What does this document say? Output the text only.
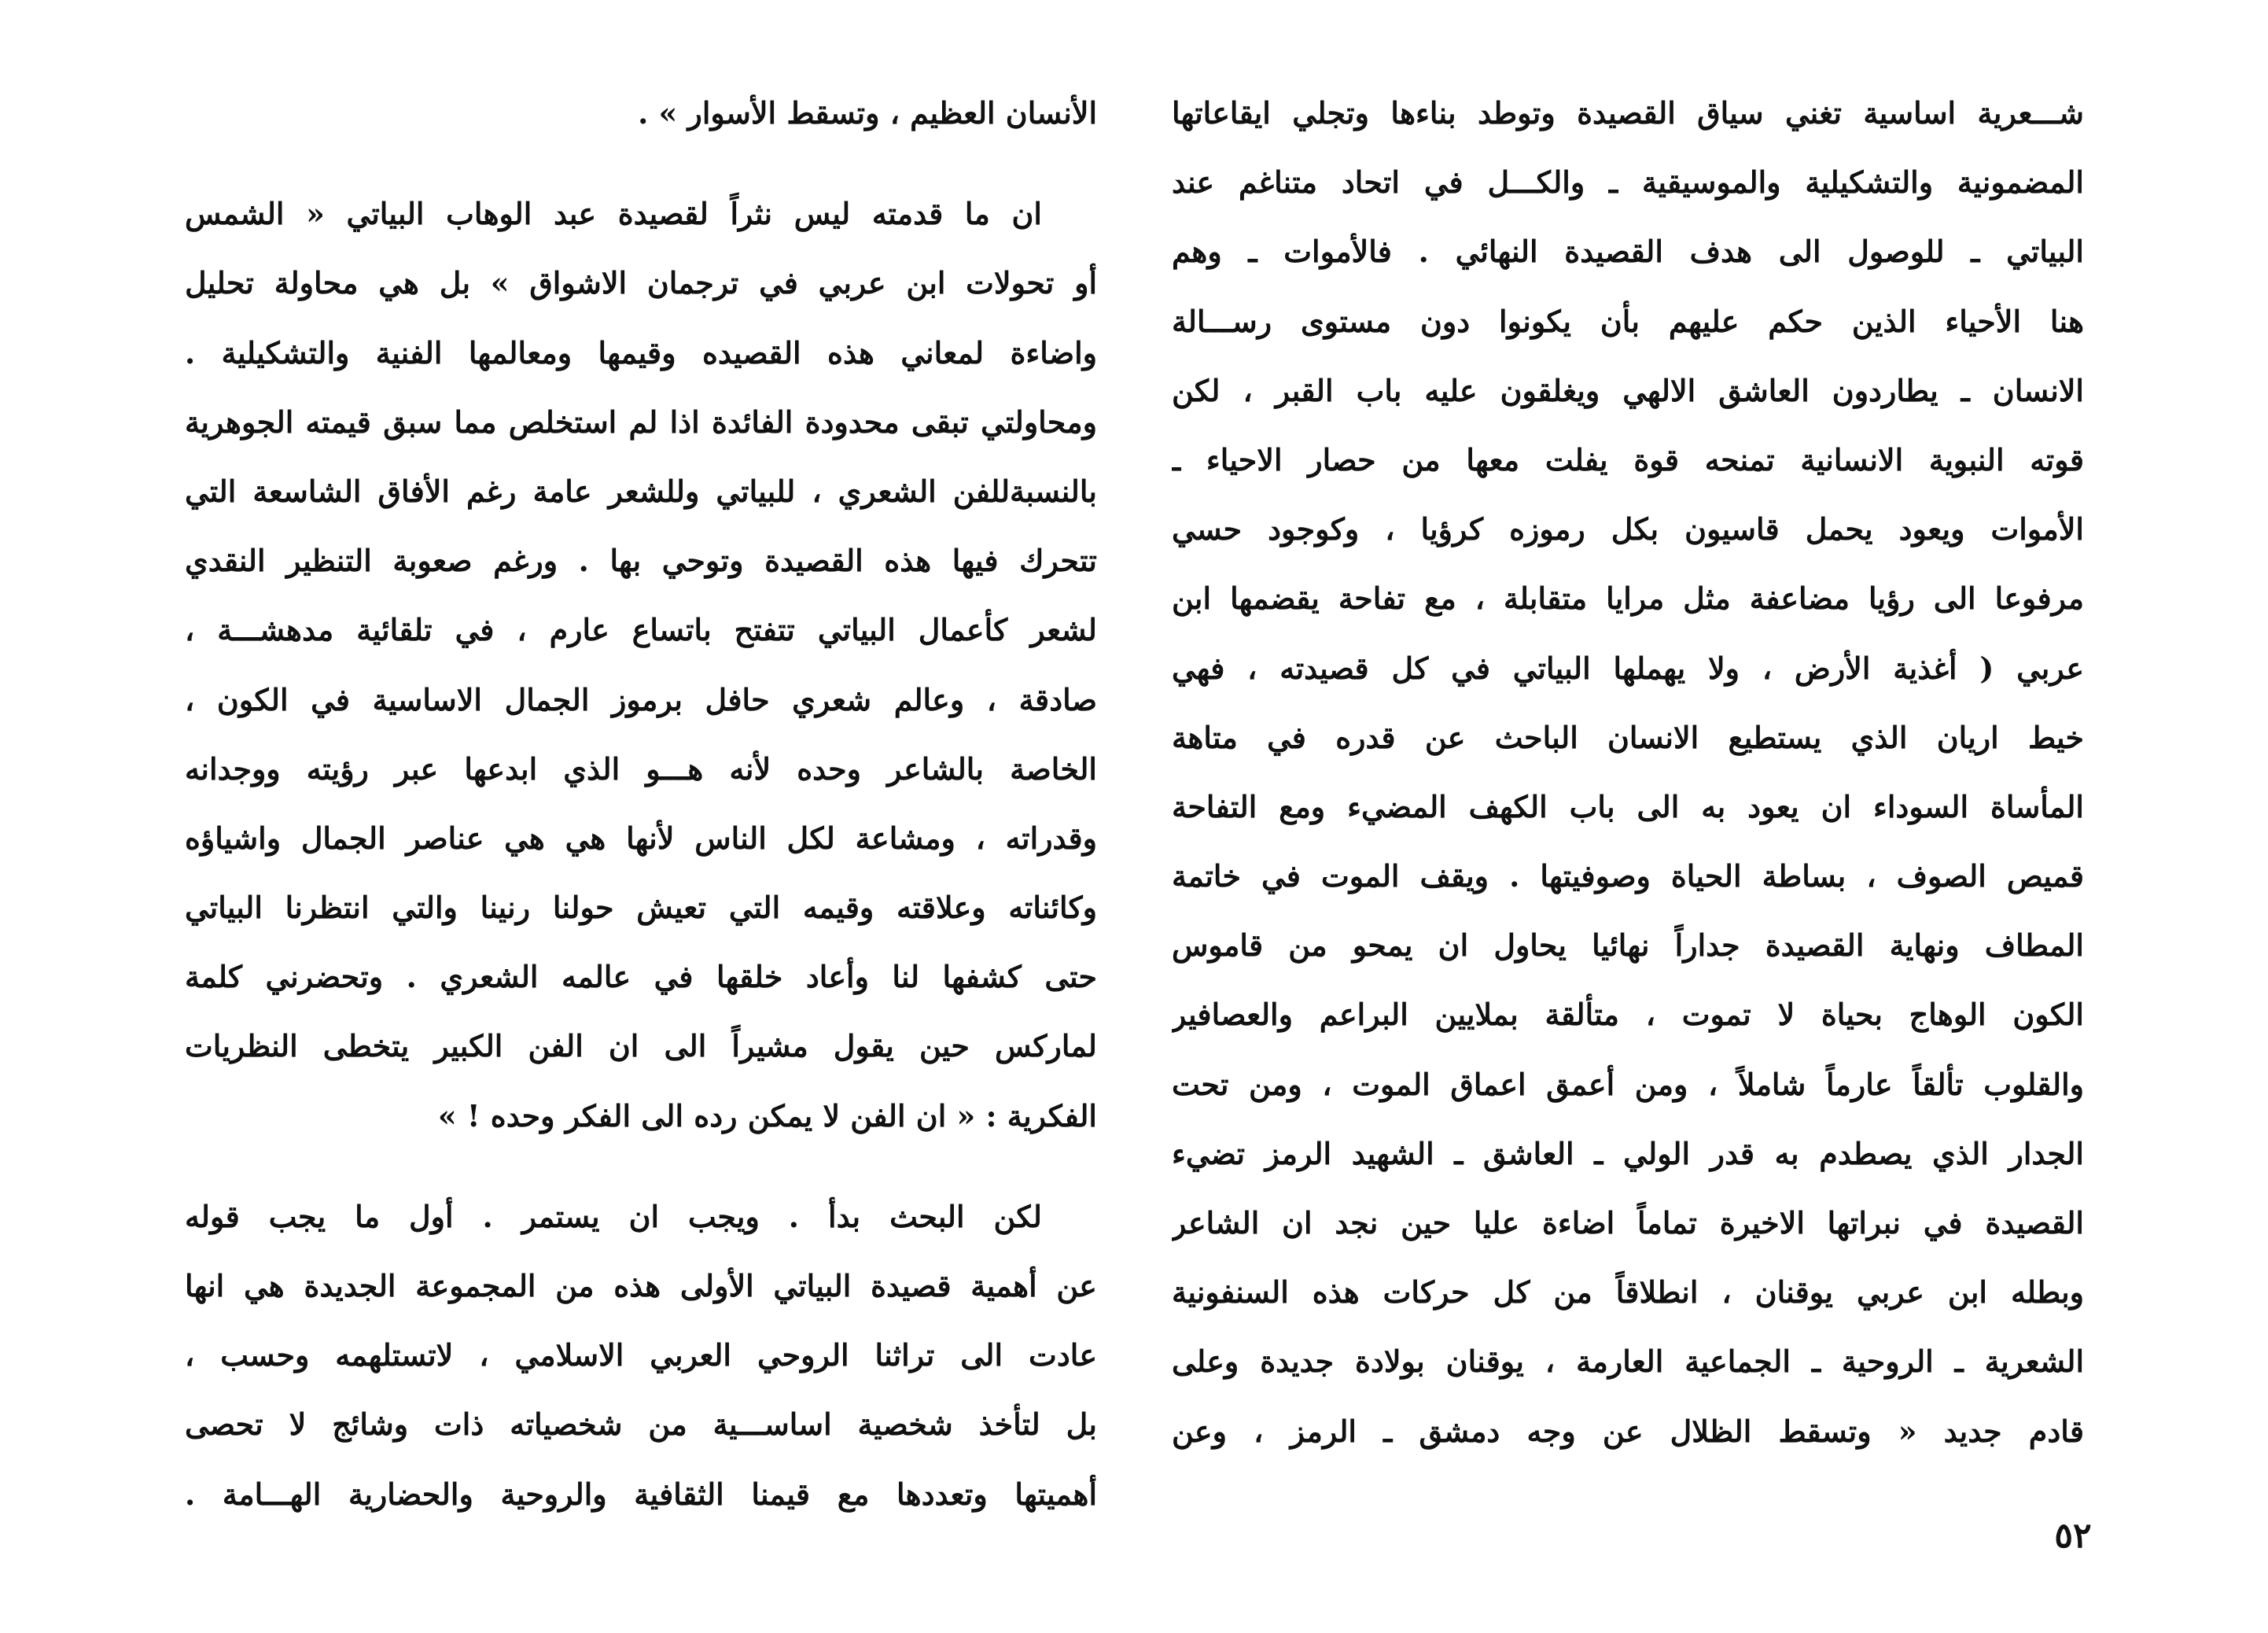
شـــعرية اساسية تغني سياق القصيدة وتوطد بناءها وتجلي ايقاعاتها
المضمونية والتشكيلية والموسيقية ـ والكـــل في اتحاد متناغم عند
البياتي ـ للوصول الى هدف القصيدة النهائي . فالأموات ـ وهم
هنا الأحياء الذين حكم عليهم بأن يكونوا دون مستوى رســـالة
الانسان ـ يطاردون العاشق الالهي ويغلقون عليه باب القبر ، لكن
قوته النبوية الانسانية تمنحه قوة يفلت معها من حصار الاحياء ـ
الأموات ويعود يحمل قاسيون بكل رموزه كرؤيا ، وكوجود حسي
مرفوعا الى رؤيا مضاعفة مثل مرايا متقابلة ، مع تفاحة يقضمها ابن
عربي ( أغذية الأرض ، ولا يهملها البياتي في كل قصيدته ، فهي
خيط اريان الذي يستطيع الانسان الباحث عن قدره في متاهة
المأساة السوداء ان يعود به الى باب الكهف المضيء ومع التفاحة
قميص الصوف ، بساطة الحياة وصوفيتها . ويقف الموت في خاتمة
المطاف ونهاية القصيدة جداراً نهائيا يحاول ان يمحو من قاموس
الكون الوهاج بحياة لا تموت ، متألقة بملايين البراعم والعصافير
والقلوب تألقاً عارماً شاملاً ، ومن أعمق اعماق الموت ، ومن تحت
الجدار الذي يصطدم به قدر الولي ـ العاشق ـ الشهيد الرمز تضيء
القصيدة في نبراتها الاخيرة تماماً اضاءة عليا حين نجد ان الشاعر
وبطله ابن عربي يوقنان ، انطلاقاً من كل حركات هذه السنفونية
الشعرية ـ الروحية ـ الجماعية العارمة ، يوقنان بولادة جديدة وعلى
قادم جديد « وتسقط الظلال عن وجه دمشق ـ الرمز ، وعن
الأنسان العظيم ، وتسقط الأسوار » .
ان ما قدمته ليس نثراً لقصيدة عبد الوهاب البياتي « الشمس
أو تحولات ابن عربي في ترجمان الاشواق » بل هي محاولة تحليل
واضاءة لمعاني هذه القصيده وقيمها ومعالمها الفنية والتشكيلية .
ومحاولتي تبقى محدودة الفائدة اذا لم استخلص مما سبق قيمته الجوهرية
بالنسبةللفن الشعري ، للبياتي وللشعر عامة رغم الأفاق الشاسعة التي
تتحرك فيها هذه القصيدة وتوحي بها . ورغم صعوبة التنظير النقدي
لشعر كأعمال البياتي تتفتح باتساع عارم ، في تلقائية مدهشـــة ،
صادقة ، وعالم شعري حافل برموز الجمال الاساسية في الكون ،
الخاصة بالشاعر وحده لأنه هـــو الذي ابدعها عبر رؤيته ووجدانه
وقدراته ، ومشاعة لكل الناس لأنها هي هي عناصر الجمال واشياؤه
وكائناته وعلاقته وقيمه التي تعيش حولنا رنينا والتي انتظرنا البياتي
حتى كشفها لنا وأعاد خلقها في عالمه الشعري . وتحضرني كلمة
لماركس حين يقول مشيراً الى ان الفن الكبير يتخطى النظريات
الفكرية : « ان الفن لا يمكن رده الى الفكر وحده ! »
لكن البحث بدأ . ويجب ان يستمر . أول ما يجب قوله
عن أهمية قصيدة البياتي الأولى هذه من المجموعة الجديدة هي انها
عادت الى تراثنا الروحي العربي الاسلامي ، لاتستلهمه وحسب ،
بل لتأخذ شخصية اساســـية من شخصياته ذات وشائج لا تحصى
أهميتها وتعددها مع قيمنا الثقافية والروحية والحضارية الهـــامة .
٥٢
